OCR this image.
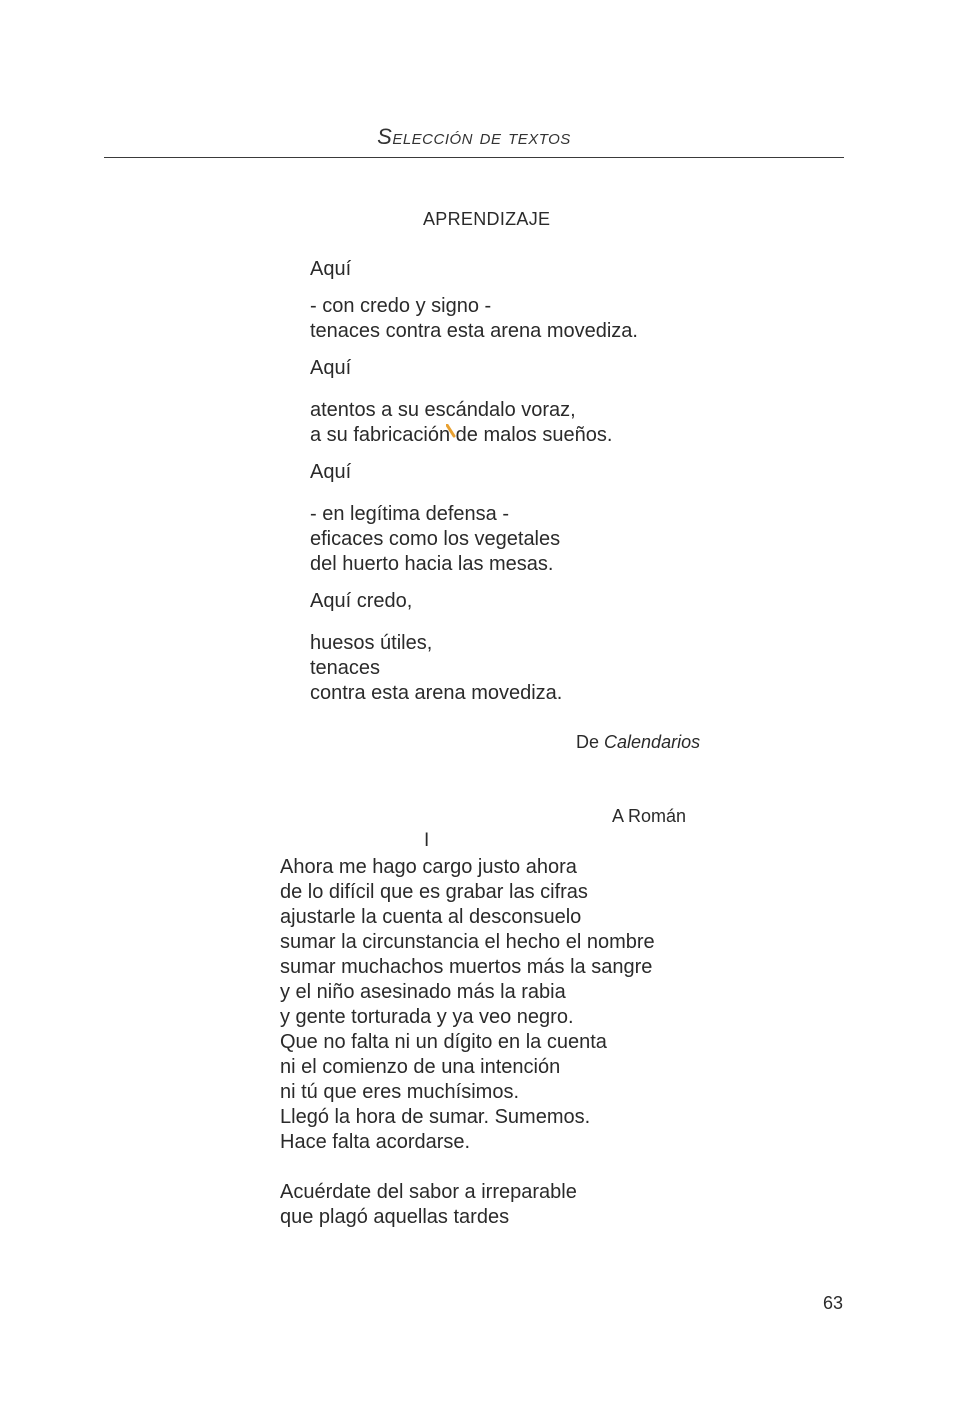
Selección de textos
APRENDIZAJE
Aquí
- con credo y signo -
tenaces contra esta arena movediza.
Aquí
atentos a su escándalo voraz,
a su fabricación de malos sueños.
Aquí
- en legítima defensa -
eficaces como los vegetales
del huerto hacia las mesas.
Aquí credo,
huesos útiles,
tenaces
contra esta arena movediza.
De Calendarios
A Román
I
Ahora me hago cargo justo ahora
de lo difícil que es grabar las cifras
ajustarle la cuenta al desconsuelo
sumar la circunstancia el hecho el nombre
sumar muchachos muertos más la sangre
y el niño asesinado más la rabia
y gente torturada y ya veo negro.
Que no falta ni un dígito en la cuenta
ni el comienzo de una intención
ni tú que eres muchísimos.
Llegó la hora de sumar. Sumemos.
Hace falta acordarse.
Acuérdate del sabor a irreparable
que plagó aquellas tardes
63
